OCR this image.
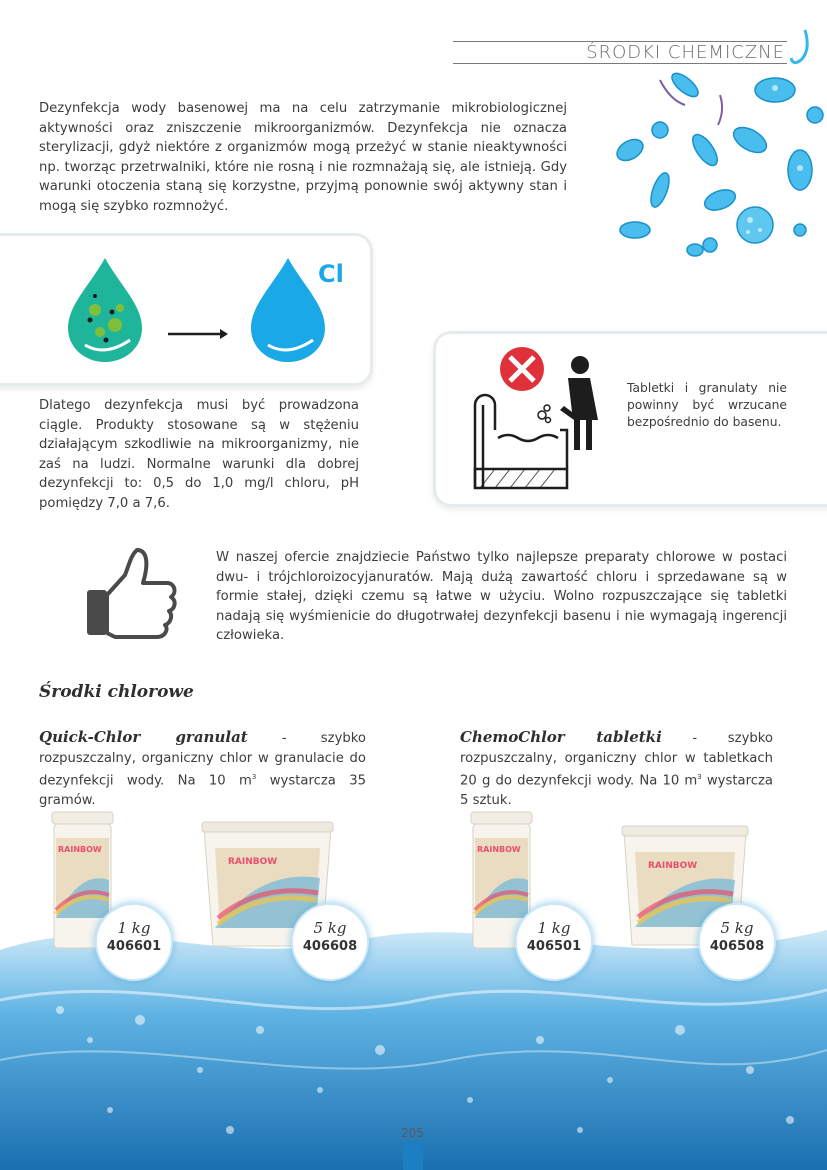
ŚRODKI CHEMICZNE
Dezynfekcja wody basenowej ma na celu zatrzymanie mikrobiologicznej aktywności oraz zniszczenie mikroorganizmów. Dezynfekcja nie oznacza sterylizacji, gdyż niektóre z organizmów mogą przeżyć w stanie nieaktywności np. tworząc przetrwalniki, które nie rosną i nie rozmnażają się, ale istnieją. Gdy warunki otoczenia staną się korzystne, przyjmą ponownie swój aktywny stan i mogą się szybko rozmnożyć.
Cl
Dlatego dezynfekcja musi być prowadzona ciągle. Produkty stosowane są w stężeniu działającym szkodliwie na mikroorganizmy, nie zaś na ludzi. Normalne warunki dla dobrej dezynfekcji to: 0,5 do 1,0 mg/l chloru, pH pomiędzy 7,0 a 7,6.
Tabletki i granulaty nie powinny być wrzucane bezpośrednio do basenu.
W naszej ofercie znajdziecie Państwo tylko najlepsze preparaty chlorowe w postaci dwu- i trójchloroizocyjanuratów. Mają dużą zawartość chloru i sprzedawane są w formie stałej, dzięki czemu są łatwe w użyciu. Wolno rozpuszczające się tabletki nadają się wyśmienicie do długotrwałej dezynfekcji basenu i nie wymagają ingerencji człowieka.
Środki chlorowe
Quick-Chlor granulat - szybko rozpuszczalny, organiczny chlor w granulacie do dezynfekcji wody. Na 10 $m^3$ wystarcza 35 gramów.
ChemoChlor tabletki - szybko rozpuszczalny, organiczny chlor w tabletkach 20 g do dezynfekcji wody. Na 10 $m^3$ wystarcza 5 sztuk.
RAINBOW
RAINBOW
RAINBOW
RAINBOW
1 kg
406601
5 kg
406608
1 kg
406501
5 kg
406508
205
